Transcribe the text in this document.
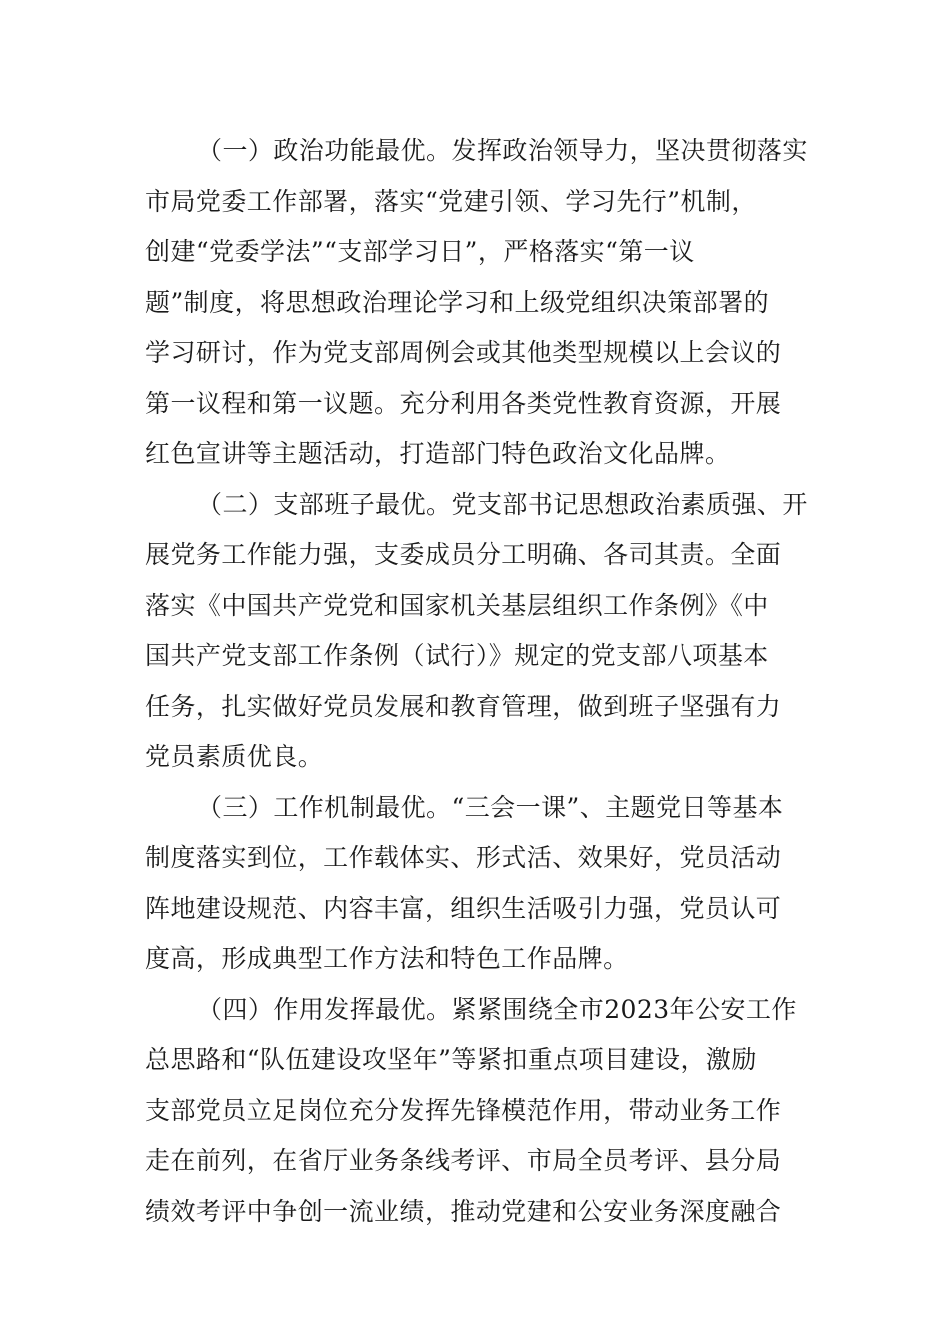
（一）政治功能最优。发挥政治领导力，坚决贯彻落实
市局党委工作部署，落实“党建引领、学习先行”机制，
创建“党委学法”“支部学习日”，严格落实“第一议
题”制度，将思想政治理论学习和上级党组织决策部署的
学习研讨，作为党支部周例会或其他类型规模以上会议的
第一议程和第一议题。充分利用各类党性教育资源，开展
红色宣讲等主题活动，打造部门特色政治文化品牌。
（二）支部班子最优。党支部书记思想政治素质强、开
展党务工作能力强，支委成员分工明确、各司其责。全面
落实《中国共产党党和国家机关基层组织工作条例》《中
国共产党支部工作条例（试行）》规定的党支部八项基本
任务，扎实做好党员发展和教育管理，做到班子坚强有力
党员素质优良。
（三）工作机制最优。“三会一课”、主题党日等基本
制度落实到位，工作载体实、形式活、效果好，党员活动
阵地建设规范、内容丰富，组织生活吸引力强，党员认可
度高，形成典型工作方法和特色工作品牌。
（四）作用发挥最优。紧紧围绕全市2023年公安工作
总思路和“队伍建设攻坚年”等紧扣重点项目建设，激励
支部党员立足岗位充分发挥先锋模范作用，带动业务工作
走在前列，在省厅业务条线考评、市局全员考评、县分局
绩效考评中争创一流业绩，推动党建和公安业务深度融合
